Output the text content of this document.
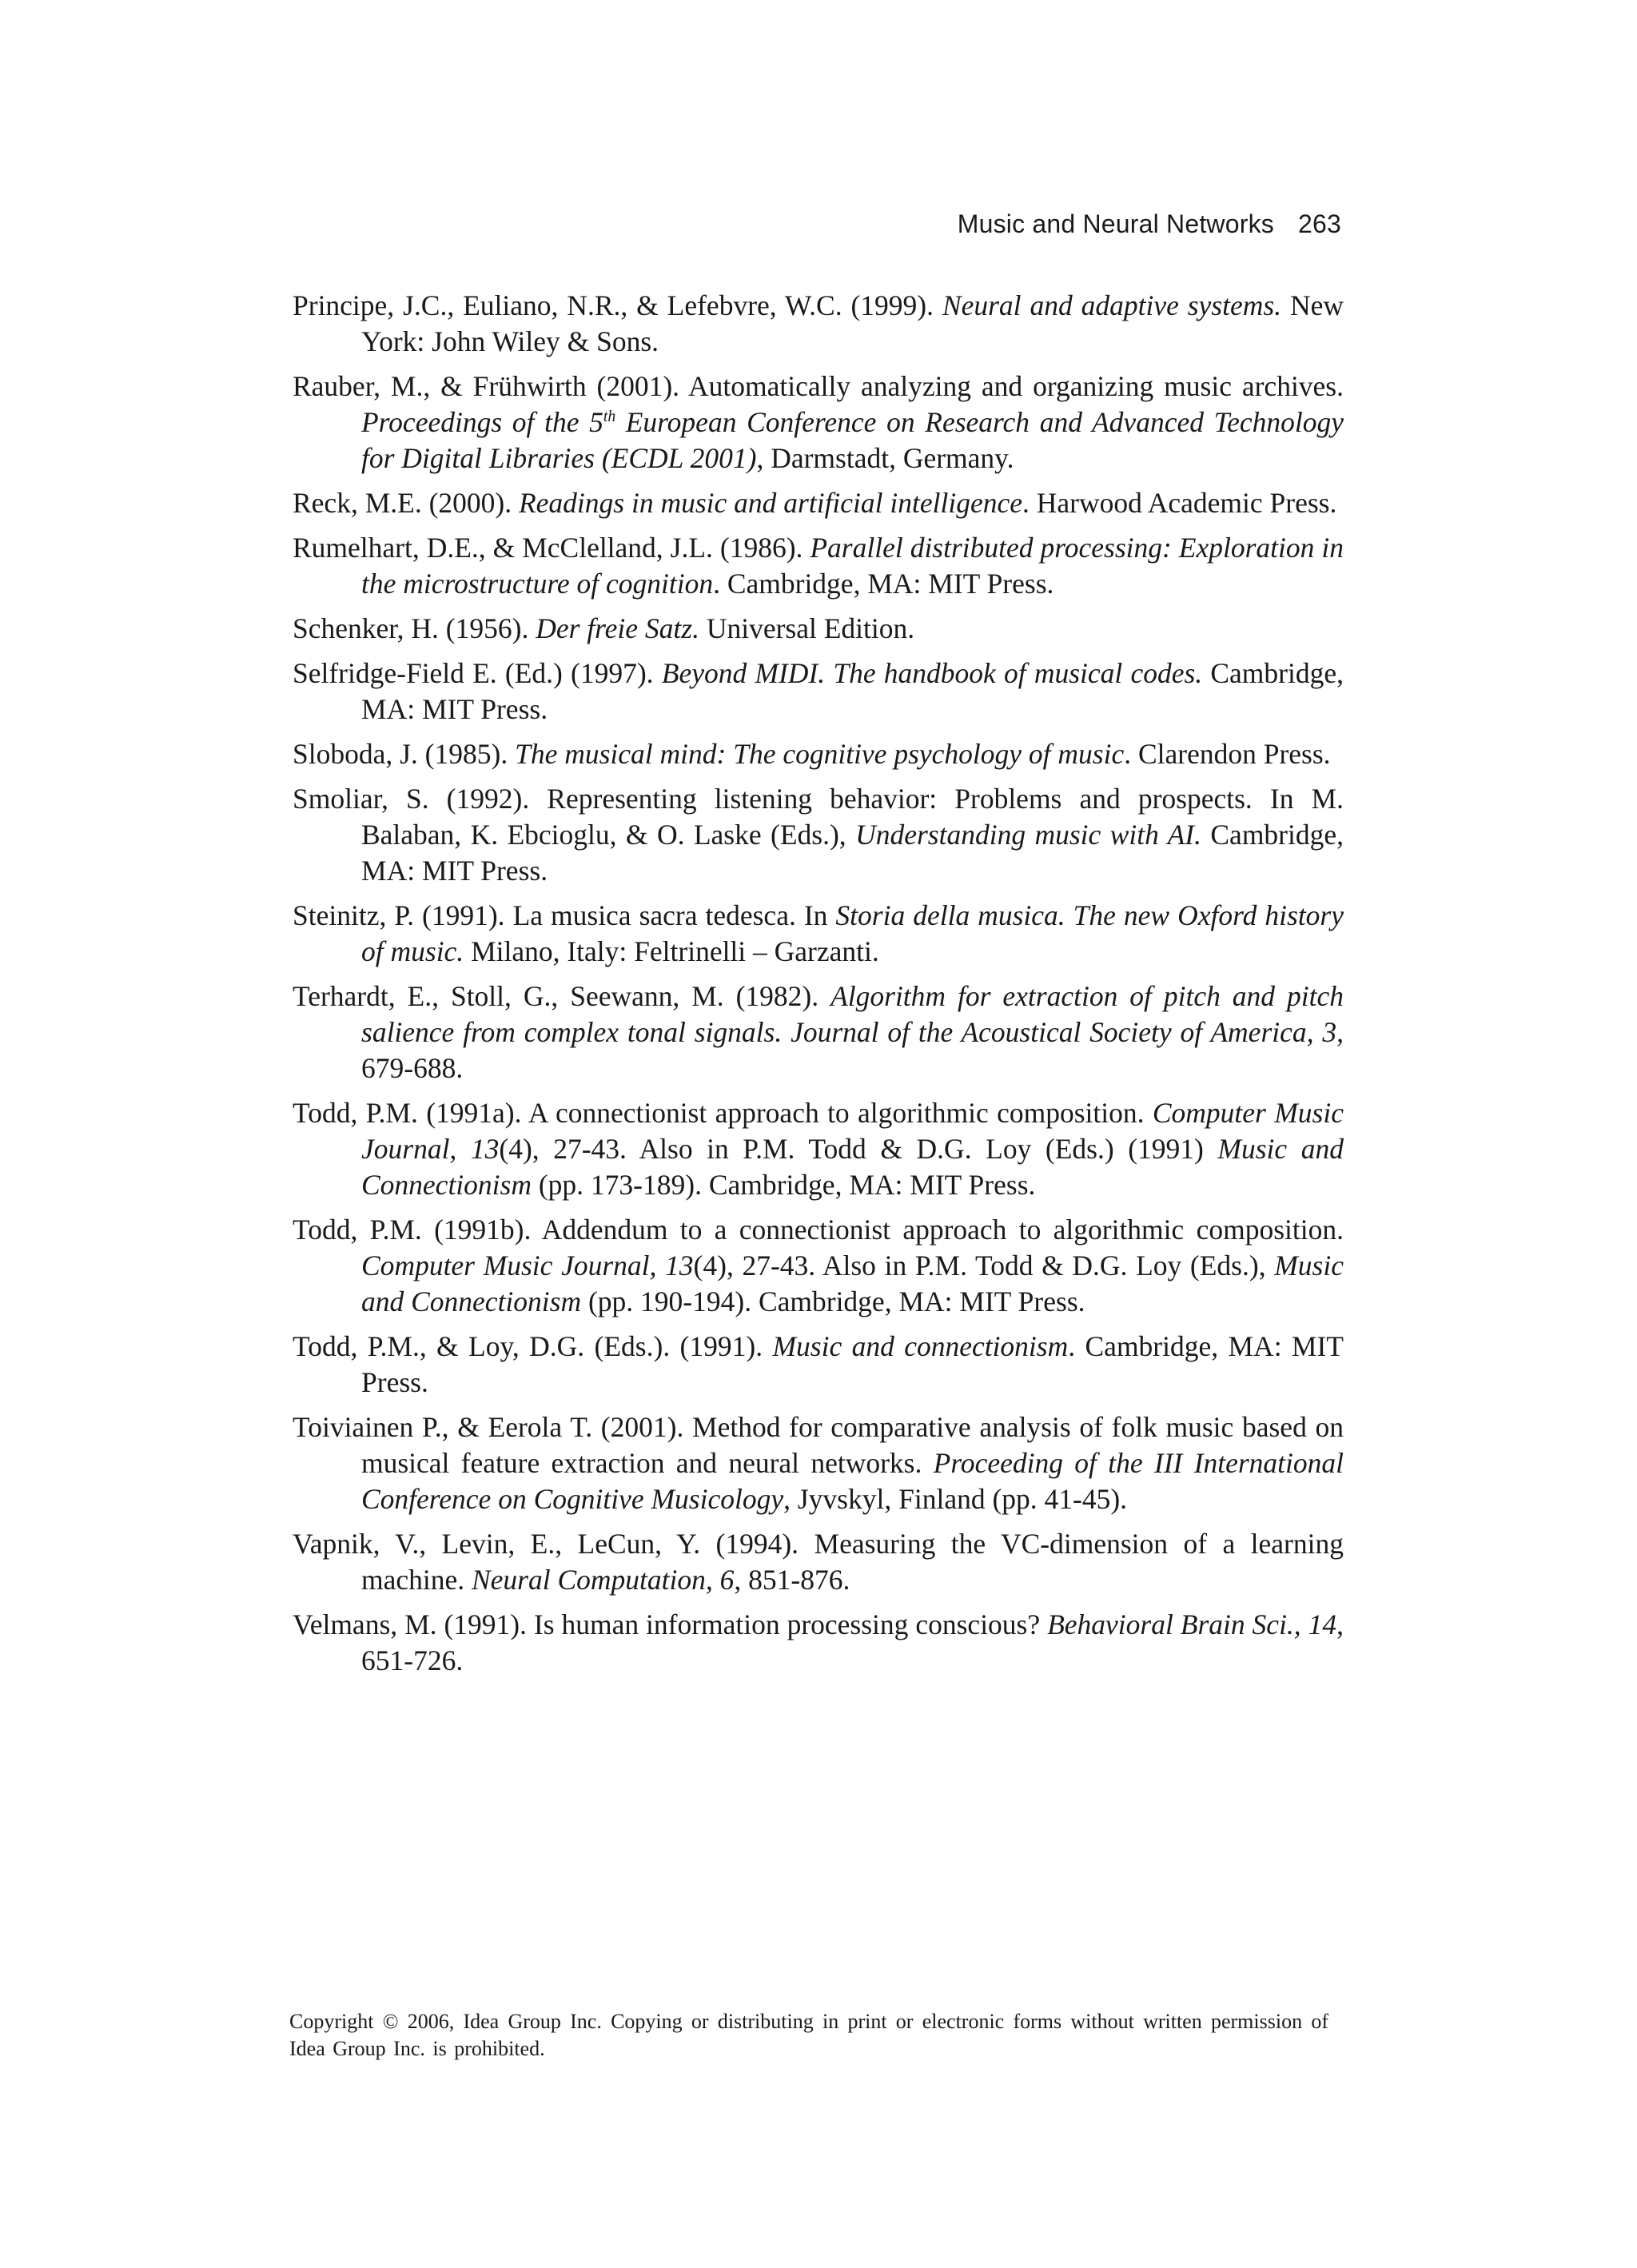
Music and Neural Networks 263

Principe, J.C., Euliano, N.R., & Lefebvre, W.C. (1999). Neural and adaptive systems. New York: John Wiley & Sons.

Rauber, M., & Frühwirth (2001). Automatically analyzing and organizing music archives. Proceedings of the 5th European Conference on Research and Advanced Technology for Digital Libraries (ECDL 2001), Darmstadt, Germany.

Reck, M.E. (2000). Readings in music and artificial intelligence. Harwood Academic Press.

Rumelhart, D.E., & McClelland, J.L. (1986). Parallel distributed processing: Exploration in the microstructure of cognition. Cambridge, MA: MIT Press.

Schenker, H. (1956). Der freie Satz. Universal Edition.

Selfridge-Field E. (Ed.) (1997). Beyond MIDI. The handbook of musical codes. Cambridge, MA: MIT Press.

Sloboda, J. (1985). The musical mind: The cognitive psychology of music. Clarendon Press.

Smoliar, S. (1992). Representing listening behavior: Problems and prospects. In M. Balaban, K. Ebcioglu, & O. Laske (Eds.), Understanding music with AI. Cambridge, MA: MIT Press.

Steinitz, P. (1991). La musica sacra tedesca. In Storia della musica. The new Oxford history of music. Milano, Italy: Feltrinelli – Garzanti.

Terhardt, E., Stoll, G., Seewann, M. (1982). Algorithm for extraction of pitch and pitch salience from complex tonal signals. Journal of the Acoustical Society of America, 3, 679-688.

Todd, P.M. (1991a). A connectionist approach to algorithmic composition. Computer Music Journal, 13(4), 27-43. Also in P.M. Todd & D.G. Loy (Eds.) (1991) Music and Connectionism (pp. 173-189). Cambridge, MA: MIT Press.

Todd, P.M. (1991b). Addendum to a connectionist approach to algorithmic composition. Computer Music Journal, 13(4), 27-43. Also in P.M. Todd & D.G. Loy (Eds.), Music and Connectionism (pp. 190-194). Cambridge, MA: MIT Press.

Todd, P.M., & Loy, D.G. (Eds.). (1991). Music and connectionism. Cambridge, MA: MIT Press.

Toiviainen P., & Eerola T. (2001). Method for comparative analysis of folk music based on musical feature extraction and neural networks. Proceeding of the III International Conference on Cognitive Musicology, Jyvskyl, Finland (pp. 41-45).

Vapnik, V., Levin, E., LeCun, Y. (1994). Measuring the VC-dimension of a learning machine. Neural Computation, 6, 851-876.

Velmans, M. (1991). Is human information processing conscious? Behavioral Brain Sci., 14, 651-726.

Copyright © 2006, Idea Group Inc. Copying or distributing in print or electronic forms without written permission of Idea Group Inc. is prohibited.
